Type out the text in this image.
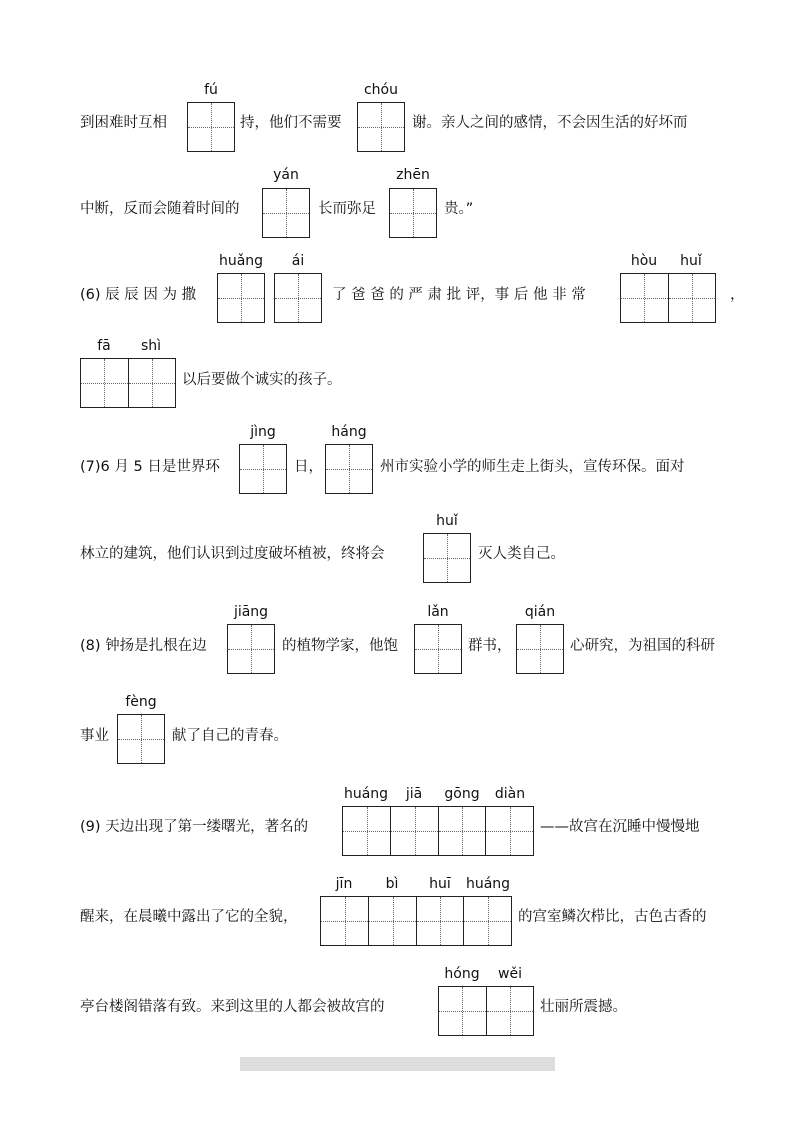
到困难时互相
fú
持，他们不需要
chóu
谢。亲人之间的感情，不会因生活的好坏而
中断，反而会随着时间的
yán
长而弥足
zhēn
贵。”
(6) 辰 辰 因 为 撒
huǎng	ái
了 爸 爸 的 严 肃 批 评，事 后 他 非 常
hòu	huǐ
，
fā	shì
以后要做个诚实的孩子。
(7)6 月 5 日是世界环
jìng
日，
háng
州市实验小学的师生走上街头，宣传环保。面对
林立的建筑，他们认识到过度破坏植被，终将会
huǐ
灭人类自己。
(8) 钟扬是扎根在边
jiāng
的植物学家，他饱
lǎn
群书，
qián
心研究，为祖国的科研
事业
fèng
献了自己的青春。
(9) 天边出现了第一缕曙光，著名的
huáng	jiā	gōng	diàn
——故宫在沉睡中慢慢地
醒来，在晨曦中露出了它的全貌，
jīn	bì	huī	huáng
的宫室鳞次栉比，古色古香的
亭台楼阁错落有致。来到这里的人都会被故宫的
hóng	wěi
壮丽所震撼。
